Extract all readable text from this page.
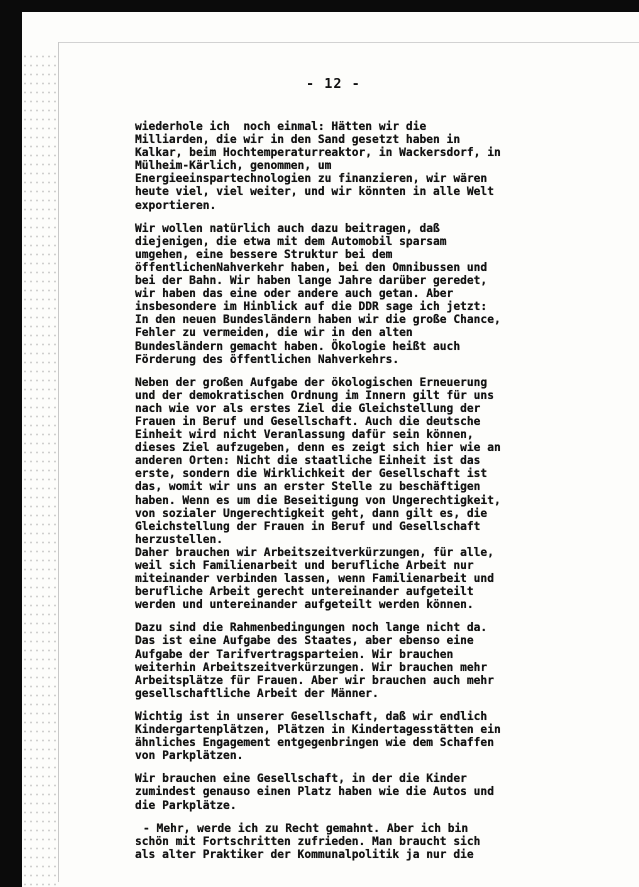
- 12 -
wiederhole ich  noch einmal: Hätten wir die
Milliarden, die wir in den Sand gesetzt haben in
Kalkar, beim Hochtemperaturreaktor, in Wackersdorf, in
Mülheim-Kärlich, genommen, um
Energieeinspartechnologien zu finanzieren, wir wären
heute viel, viel weiter, und wir könnten in alle Welt
exportieren.
Wir wollen natürlich auch dazu beitragen, daß
diejenigen, die etwa mit dem Automobil sparsam
umgehen, eine bessere Struktur bei dem
öffentlichenNahverkehr haben, bei den Omnibussen und
bei der Bahn. Wir haben lange Jahre darüber geredet,
wir haben das eine oder andere auch getan. Aber
insbesondere im Hinblick auf die DDR sage ich jetzt:
In den neuen Bundesländern haben wir die große Chance,
Fehler zu vermeiden, die wir in den alten
Bundesländern gemacht haben. Ökologie heißt auch
Förderung des öffentlichen Nahverkehrs.
Neben der großen Aufgabe der ökologischen Erneuerung
und der demokratischen Ordnung im Innern gilt für uns
nach wie vor als erstes Ziel die Gleichstellung der
Frauen in Beruf und Gesellschaft. Auch die deutsche
Einheit wird nicht Veranlassung dafür sein können,
dieses Ziel aufzugeben, denn es zeigt sich hier wie an
anderen Orten: Nicht die staatliche Einheit ist das
erste, sondern die Wirklichkeit der Gesellschaft ist
das, womit wir uns an erster Stelle zu beschäftigen
haben. Wenn es um die Beseitigung von Ungerechtigkeit,
von sozialer Ungerechtigkeit geht, dann gilt es, die
Gleichstellung der Frauen in Beruf und Gesellschaft
herzustellen.
Daher brauchen wir Arbeitszeitverkürzungen, für alle,
weil sich Familienarbeit und berufliche Arbeit nur
miteinander verbinden lassen, wenn Familienarbeit und
berufliche Arbeit gerecht untereinander aufgeteilt
werden und untereinander aufgeteilt werden können.
Dazu sind die Rahmenbedingungen noch lange nicht da.
Das ist eine Aufgabe des Staates, aber ebenso eine
Aufgabe der Tarifvertragsparteien. Wir brauchen
weiterhin Arbeitszeitverkürzungen. Wir brauchen mehr
Arbeitsplätze für Frauen. Aber wir brauchen auch mehr
gesellschaftliche Arbeit der Männer.
Wichtig ist in unserer Gesellschaft, daß wir endlich
Kindergartenplätzen, Plätzen in Kindertagesstätten ein
ähnliches Engagement entgegenbringen wie dem Schaffen
von Parkplätzen.
Wir brauchen eine Gesellschaft, in der die Kinder
zumindest genauso einen Platz haben wie die Autos und
die Parkplätze.
- Mehr, werde ich zu Recht gemahnt. Aber ich bin
schön mit Fortschritten zufrieden. Man braucht sich
als alter Praktiker der Kommunalpolitik ja nur die
